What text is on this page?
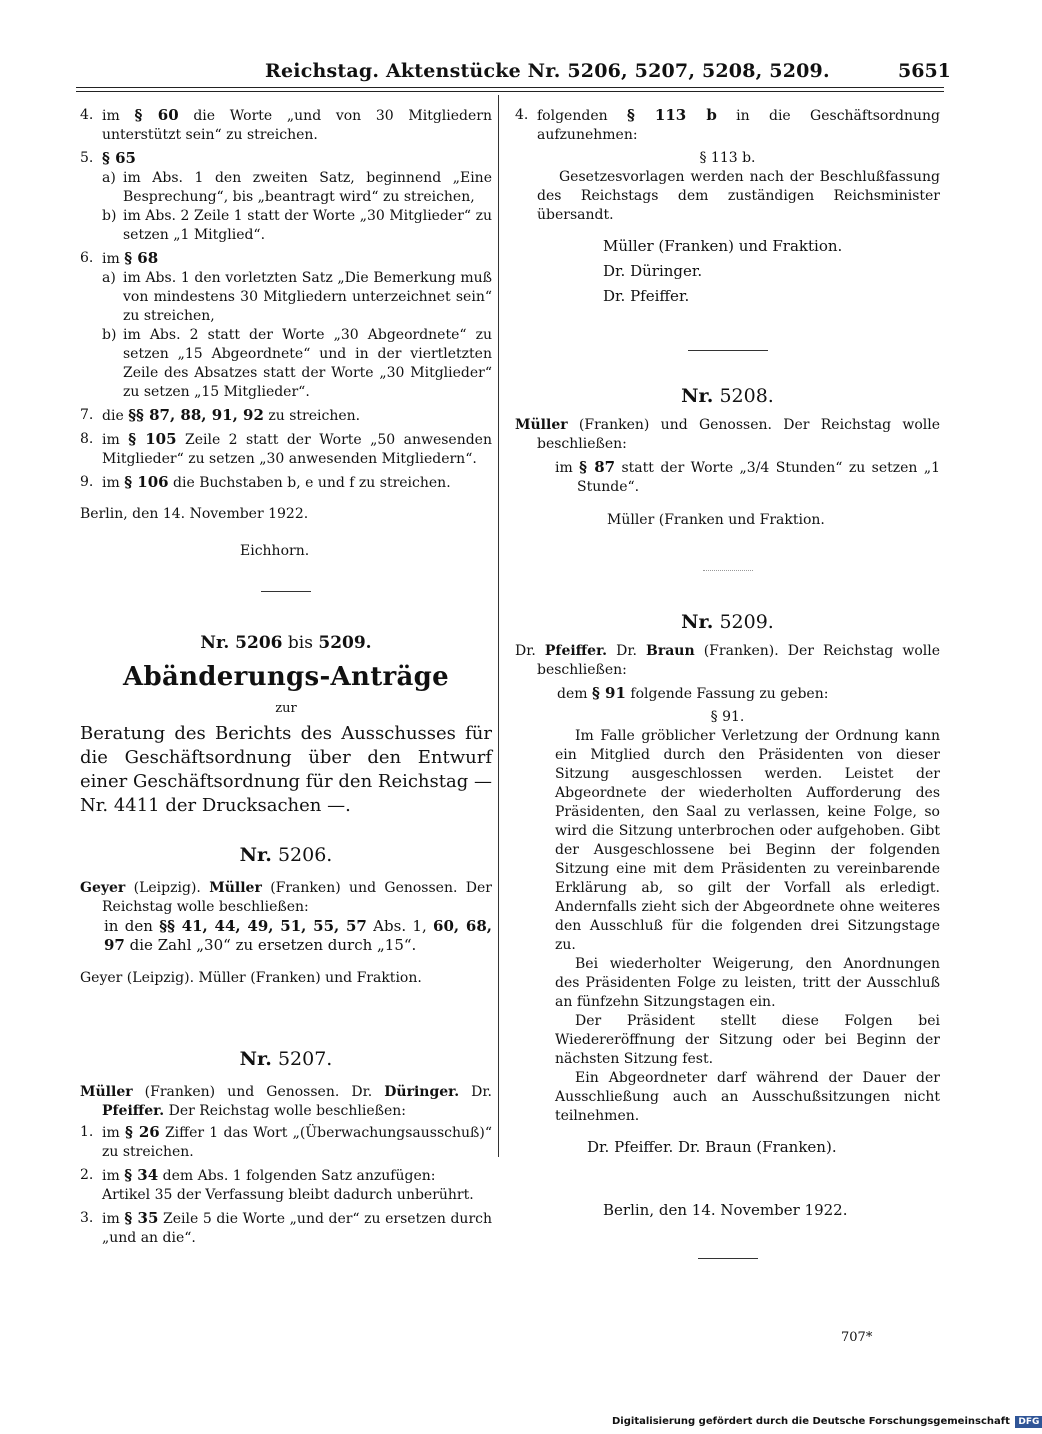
Reichstag. Aktenstücke Nr. 5206, 5207, 5208, 5209.	5651
4. im § 60 die Worte „und von 30 Mitgliedern unterstützt sein“ zu streichen.
5. § 65
a) im Abs. 1 den zweiten Satz, beginnend „Eine Besprechung“, bis „beantragt wird“ zu streichen,
b) im Abs. 2 Zeile 1 statt der Worte „30 Mitglieder“ zu setzen „1 Mitglied“.
6. im § 68
a) im Abs. 1 den vorletzten Satz „Die Bemerkung muß von mindestens 30 Mitgliedern unterzeichnet sein“ zu streichen,
b) im Abs. 2 statt der Worte „30 Abgeordnete“ zu setzen „15 Abgeordnete“ und in der viertletzten Zeile des Absatzes statt der Worte „30 Mitglieder“ zu setzen „15 Mitglieder“.
7. die §§ 87, 88, 91, 92 zu streichen.
8. im § 105 Zeile 2 statt der Worte „50 anwesenden Mitglieder“ zu setzen „30 anwesenden Mitgliedern“.
9. im § 106 die Buchstaben b, e und f zu streichen.
Berlin, den 14. November 1922.
Eichhorn.
Nr. 5206 bis 5209.
Abänderungs-Anträge
zur
Beratung des Berichts des Ausschusses für die Geschäftsordnung über den Entwurf einer Geschäftsordnung für den Reichstag — Nr. 4411 der Drucksachen —.
Nr. 5206.
Geyer (Leipzig). Müller (Franken) und Genossen. Der Reichstag wolle beschließen:
in den §§ 41, 44, 49, 51, 55, 57 Abs. 1, 60, 68, 97 die Zahl „30“ zu ersetzen durch „15“.
Geyer (Leipzig). Müller (Franken) und Fraktion.
Nr. 5207.
Müller (Franken) und Genossen. Dr. Düringer. Dr. Pfeiffer. Der Reichstag wolle beschließen:
1. im § 26 Ziffer 1 das Wort „(Überwachungsausschuß)“ zu streichen.
2. im § 34 dem Abs. 1 folgenden Satz anzufügen:
Artikel 35 der Verfassung bleibt dadurch unberührt.
3. im § 35 Zeile 5 die Worte „und der“ zu ersetzen durch „und an die“.
4. folgenden § 113 b in die Geschäftsordnung aufzunehmen:
§ 113 b.
Gesetzesvorlagen werden nach der Beschlußfassung des Reichstags dem zuständigen Reichsminister übersandt.
Müller (Franken) und Fraktion.
Dr. Düringer.
Dr. Pfeiffer.
Nr. 5208.
Müller (Franken) und Genossen. Der Reichstag wolle beschließen:
im § 87 statt der Worte „3/4 Stunden“ zu setzen „1 Stunde“.
Müller (Franken und Fraktion.
Nr. 5209.
Dr. Pfeiffer. Dr. Braun (Franken). Der Reichstag wolle beschließen:
dem § 91 folgende Fassung zu geben:
§ 91.
Im Falle gröblicher Verletzung der Ordnung kann ein Mitglied durch den Präsidenten von dieser Sitzung ausgeschlossen werden. Leistet der Abgeordnete der wiederholten Aufforderung des Präsidenten, den Saal zu verlassen, keine Folge, so wird die Sitzung unterbrochen oder aufgehoben. Gibt der Ausgeschlossene bei Beginn der folgenden Sitzung eine mit dem Präsidenten zu vereinbarende Erklärung ab, so gilt der Vorfall als erledigt. Andernfalls zieht sich der Abgeordnete ohne weiteres den Ausschluß für die folgenden drei Sitzungstage zu.
Bei wiederholter Weigerung, den Anordnungen des Präsidenten Folge zu leisten, tritt der Ausschluß an fünfzehn Sitzungstagen ein.
Der Präsident stellt diese Folgen bei Wiedereröffnung der Sitzung oder bei Beginn der nächsten Sitzung fest.
Ein Abgeordneter darf während der Dauer der Ausschließung auch an Ausschußsitzungen nicht teilnehmen.
Dr. Pfeiffer. Dr. Braun (Franken).
Berlin, den 14. November 1922.
707*
Digitalisierung gefördert durch die Deutsche Forschungsgemeinschaft DFG
